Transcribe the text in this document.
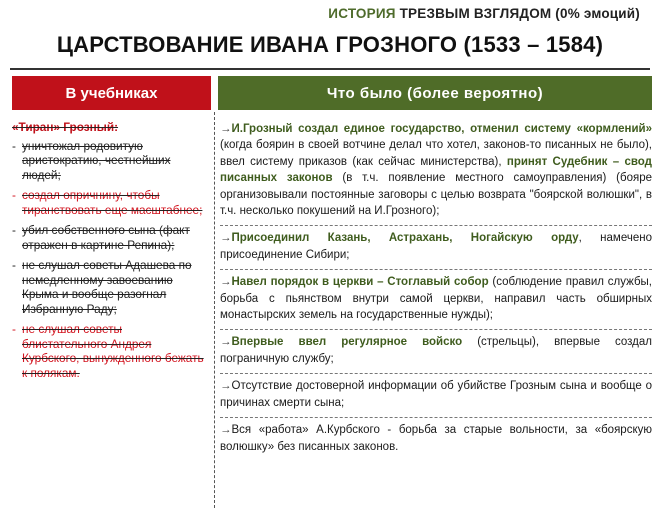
ИСТОРИЯ ТРЕЗВЫМ ВЗГЛЯДОМ (0% эмоций)
ЦАРСТВОВАНИЕ ИВАНА ГРОЗНОГО (1533 – 1584)
В учебниках	Что было (более вероятно)
«Тиран» Грозный:
- уничтожал родовитую аристократию, честнейших людей;
- создал опричнину, чтобы тиранствовать еще масштабнее;
- убил собственного сына (факт отражен в картине Репина);
- не слушал советы Адашева по немедленному завоеванию Крыма и вообще разогнал Избранную Раду;
- не слушал советы блистательного Андрея Курбского, вынужденного бежать к полякам.
→И.Грозный создал единое государство, отменил систему «кормлений» (когда боярин в своей вотчине делал что хотел, законов-то писанных не было), ввел систему приказов (как сейчас министерства), принят Судебник – свод писанных законов (в т.ч. появление местного самоуправления) (бояре организовывали постоянные заговоры с целью возврата "боярской волюшки", в т.ч. несколько покушений на И.Грозного);
→Присоединил Казань, Астрахань, Ногайскую орду, намечено присоединение Сибири;
→Навел порядок в церкви – Стоглавый собор (соблюдение правил службы, борьба с пьянством внутри самой церкви, направил часть обширных монастырских земель на государственные нужды);
→Впервые ввел регулярное войско (стрельцы), впервые создал пограничную службу;
→Отсутствие достоверной информации об убийстве Грозным сына и вообще о причинах смерти сына;
→Вся «работа» А.Курбского - борьба за старые вольности, за «боярскую волюшку» без писанных законов.
